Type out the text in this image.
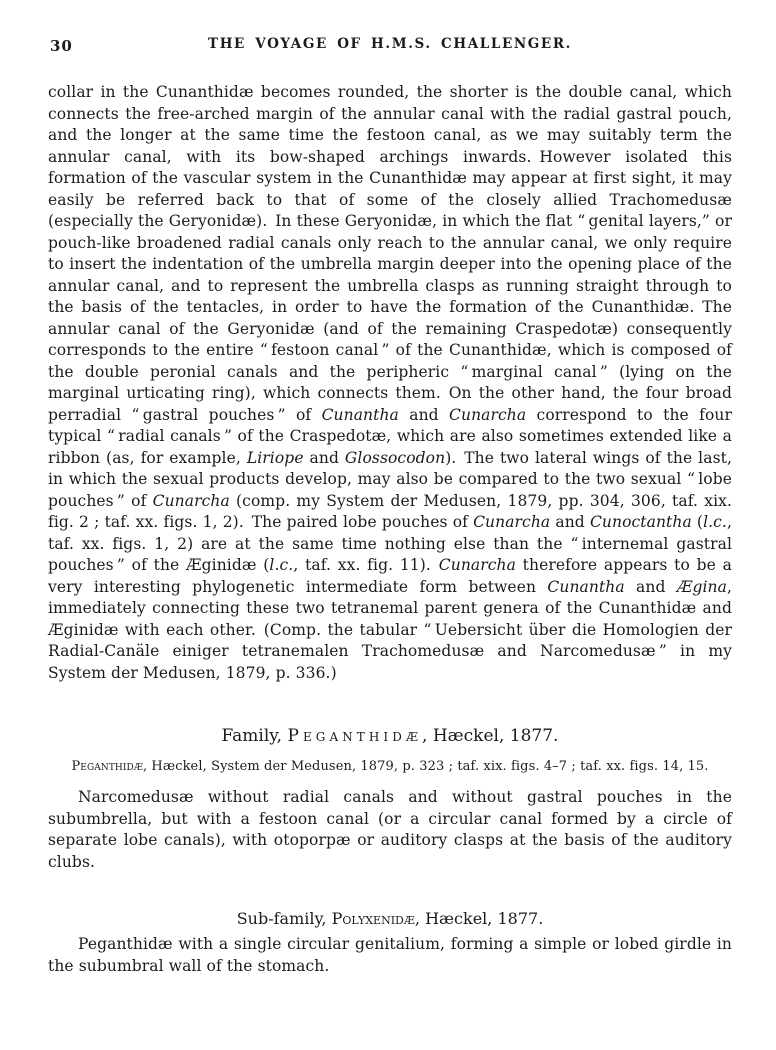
30	THE VOYAGE OF H.M.S. CHALLENGER.

collar in the Cunanthidæ becomes rounded, the shorter is the double canal, which connects the free-arched margin of the annular canal with the radial gastral pouch, and the longer at the same time the festoon canal, as we may suitably term the annular canal, with its bow-shaped archings inwards. However isolated this formation of the vascular system in the Cunanthidæ may appear at first sight, it may easily be referred back to that of some of the closely allied Trachomedusæ (especially the Geryonidæ). In these Geryonidæ, in which the flat “ genital layers,” or pouch-like broadened radial canals only reach to the annular canal, we only require to insert the indentation of the umbrella margin deeper into the opening place of the annular canal, and to represent the umbrella clasps as running straight through to the basis of the tentacles, in order to have the formation of the Cunanthidæ. The annular canal of the Geryonidæ (and of the remaining Craspedotæ) consequently corresponds to the entire “ festoon canal ” of the Cunanthidæ, which is composed of the double peronial canals and the peripheric “ marginal canal ” (lying on the marginal urticating ring), which connects them. On the other hand, the four broad perradial “ gastral pouches ” of Cunantha and Cunarcha correspond to the four typical “ radial canals ” of the Craspedotæ, which are also sometimes extended like a ribbon (as, for example, Liriope and Glossocodon). The two lateral wings of the last, in which the sexual products develop, may also be compared to the two sexual “ lobe pouches ” of Cunarcha (comp. my System der Medusen, 1879, pp. 304, 306, taf. xix. fig. 2 ; taf. xx. figs. 1, 2). The paired lobe pouches of Cunarcha and Cunoctantha (l.c., taf. xx. figs. 1, 2) are at the same time nothing else than the “ internemal gastral pouches ” of the Æginidæ (l.c., taf. xx. fig. 11). Cunarcha therefore appears to be a very interesting phylogenetic intermediate form between Cunantha and Ægina, immediately connecting these two tetranemal parent genera of the Cunanthidæ and Æginidæ with each other. (Comp. the tabular “ Uebersicht über die Homologien der Radial-Canäle einiger tetranemalen Trachomedusæ and Narcomedusæ ” in my System der Medusen, 1879, p. 336.)

Family, Peganthidæ, Hæckel, 1877.

Peganthidæ, Hæckel, System der Medusen, 1879, p. 323 ; taf. xix. figs. 4–7 ; taf. xx. figs. 14, 15.

Narcomedusæ without radial canals and without gastral pouches in the subumbrella, but with a festoon canal (or a circular canal formed by a circle of separate lobe canals), with otoporpæ or auditory clasps at the basis of the auditory clubs.

Sub-family, Polyxenidæ, Hæckel, 1877.

Peganthidæ with a single circular genitalium, forming a simple or lobed girdle in the subumbral wall of the stomach.
